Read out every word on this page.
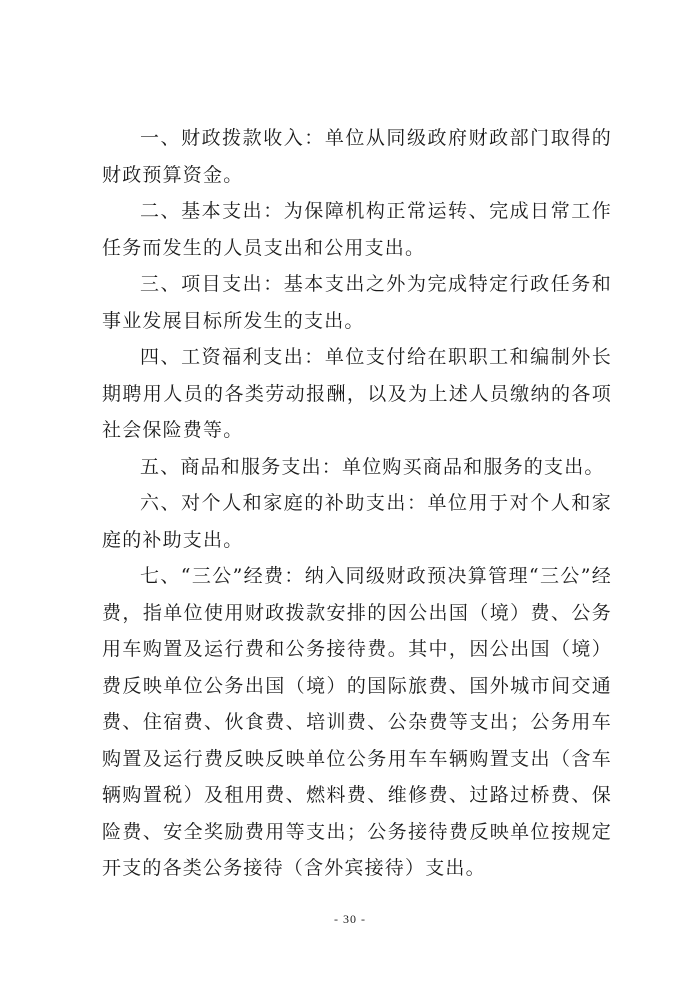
一、财政拨款收入：单位从同级政府财政部门取得的财政预算资金。

二、基本支出：为保障机构正常运转、完成日常工作任务而发生的人员支出和公用支出。

三、项目支出：基本支出之外为完成特定行政任务和事业发展目标所发生的支出。

四、工资福利支出：单位支付给在职职工和编制外长期聘用人员的各类劳动报酬，以及为上述人员缴纳的各项社会保险费等。

五、商品和服务支出：单位购买商品和服务的支出。

六、对个人和家庭的补助支出：单位用于对个人和家庭的补助支出。

七、“三公”经费：纳入同级财政预决算管理“三公”经费，指单位使用财政拨款安排的因公出国（境）费、公务用车购置及运行费和公务接待费。其中，因公出国（境）费反映单位公务出国（境）的国际旅费、国外城市间交通费、住宿费、伙食费、培训费、公杂费等支出；公务用车购置及运行费反映反映单位公务用车车辆购置支出（含车辆购置税）及租用费、燃料费、维修费、过路过桥费、保险费、安全奖励费用等支出；公务接待费反映单位按规定开支的各类公务接待（含外宾接待）支出。

- 30 -
